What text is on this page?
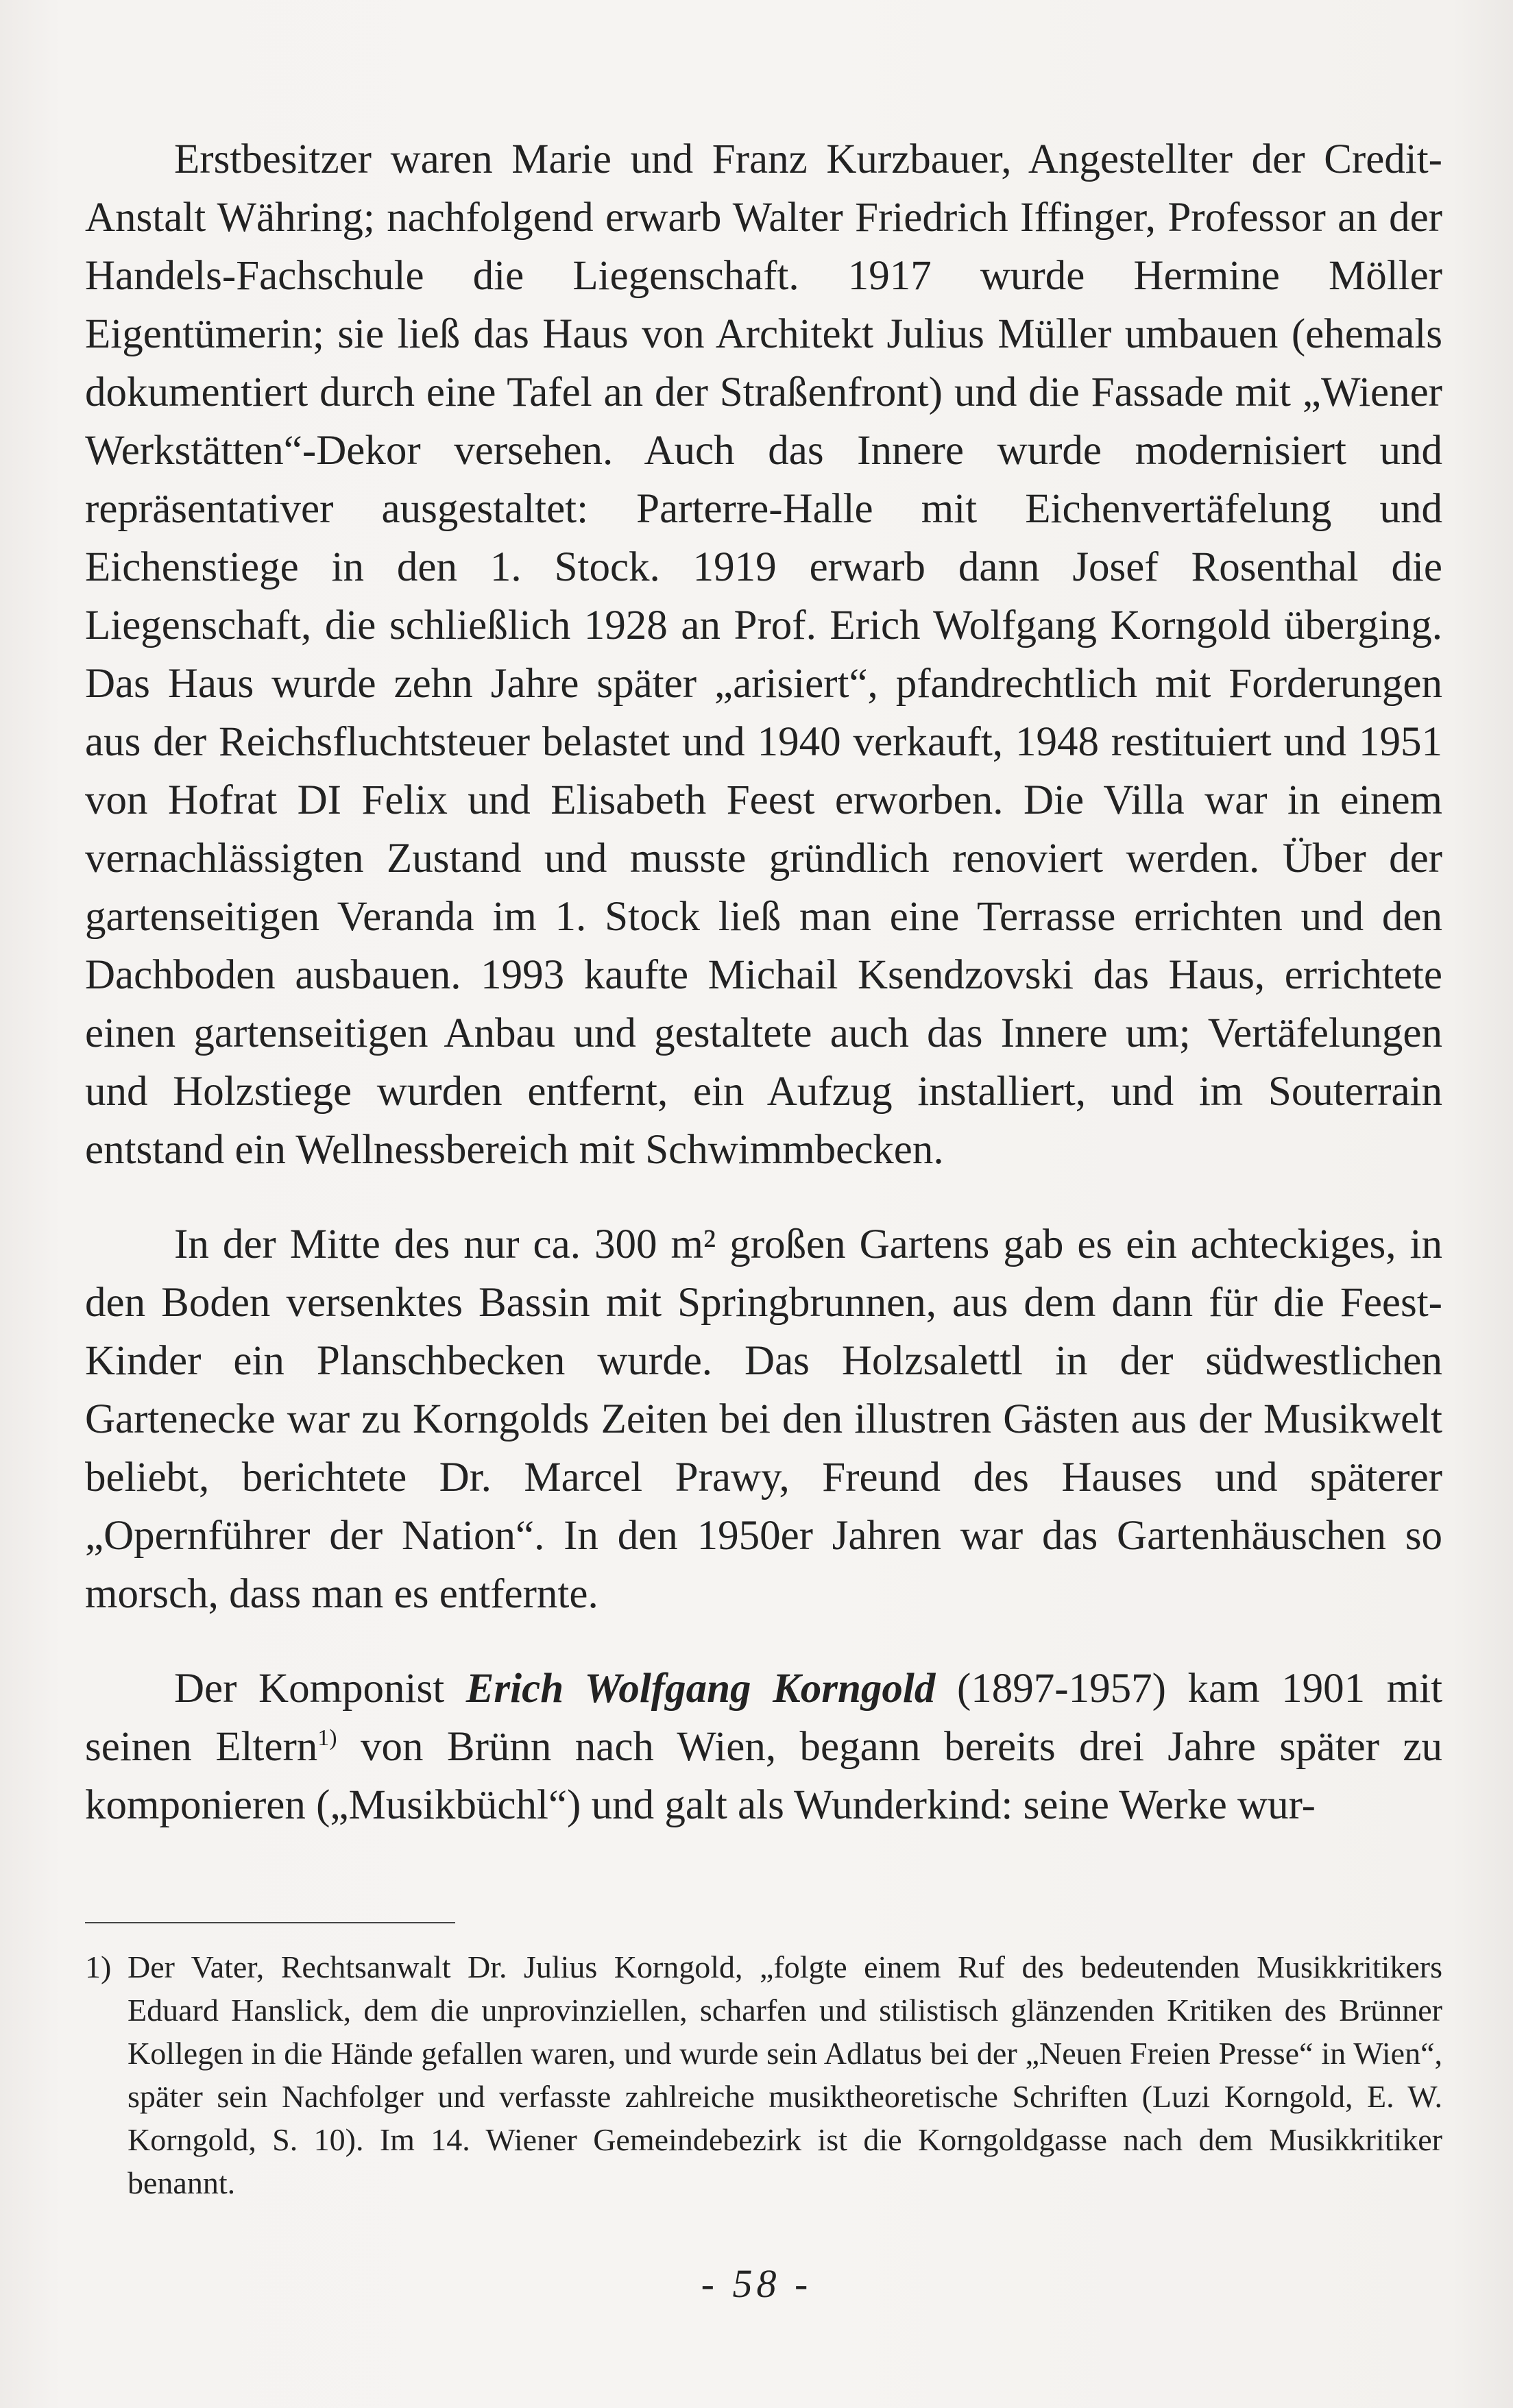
Erstbesitzer waren Marie und Franz Kurzbauer, Angestellter der Credit-Anstalt Währing; nachfolgend erwarb Walter Friedrich Iffinger, Professor an der Handels-Fachschule die Liegenschaft. 1917 wurde Hermine Möller Eigentümerin; sie ließ das Haus von Architekt Julius Müller umbauen (ehemals dokumentiert durch eine Tafel an der Straßenfront) und die Fassade mit „Wiener Werkstätten“-Dekor versehen. Auch das Innere wurde modernisiert und repräsentativer ausgestaltet: Parterre-Halle mit Eichenvertäfelung und Eichenstiege in den 1. Stock. 1919 erwarb dann Josef Rosenthal die Liegenschaft, die schließlich 1928 an Prof. Erich Wolfgang Korngold überging. Das Haus wurde zehn Jahre später „arisiert“, pfandrechtlich mit Forderungen aus der Reichsfluchtsteuer belastet und 1940 verkauft, 1948 restituiert und 1951 von Hofrat DI Felix und Elisabeth Feest erworben. Die Villa war in einem vernachlässigten Zustand und musste gründlich renoviert werden. Über der gartenseitigen Veranda im 1. Stock ließ man eine Terrasse errichten und den Dachboden ausbauen. 1993 kaufte Michail Ksendzovski das Haus, errichtete einen gartenseitigen Anbau und gestaltete auch das Innere um; Vertäfelungen und Holzstiege wurden entfernt, ein Aufzug installiert, und im Souterrain entstand ein Wellnessbereich mit Schwimmbecken.

In der Mitte des nur ca. 300 m² großen Gartens gab es ein achteckiges, in den Boden versenktes Bassin mit Springbrunnen, aus dem dann für die Feest-Kinder ein Planschbecken wurde. Das Holzsalettl in der südwestlichen Gartenecke war zu Korngolds Zeiten bei den illustren Gästen aus der Musikwelt beliebt, berichtete Dr. Marcel Prawy, Freund des Hauses und späterer „Opernführer der Nation“. In den 1950er Jahren war das Gartenhäuschen so morsch, dass man es entfernte.

Der Komponist Erich Wolfgang Korngold (1897-1957) kam 1901 mit seinen Eltern$^{1)}$ von Brünn nach Wien, begann bereits drei Jahre später zu komponieren („Musikbüchl“) und galt als Wunderkind: seine Werke wur-

1) Der Vater, Rechtsanwalt Dr. Julius Korngold, „folgte einem Ruf des bedeutenden Musikkritikers Eduard Hanslick, dem die unprovinziellen, scharfen und stilistisch glänzenden Kritiken des Brünner Kollegen in die Hände gefallen waren, und wurde sein Adlatus bei der „Neuen Freien Presse“ in Wien“, später sein Nachfolger und verfasste zahlreiche musiktheoretische Schriften (Luzi Korngold, E. W. Korngold, S. 10). Im 14. Wiener Gemeindebezirk ist die Korngoldgasse nach dem Musikkritiker benannt.
- 58 -
